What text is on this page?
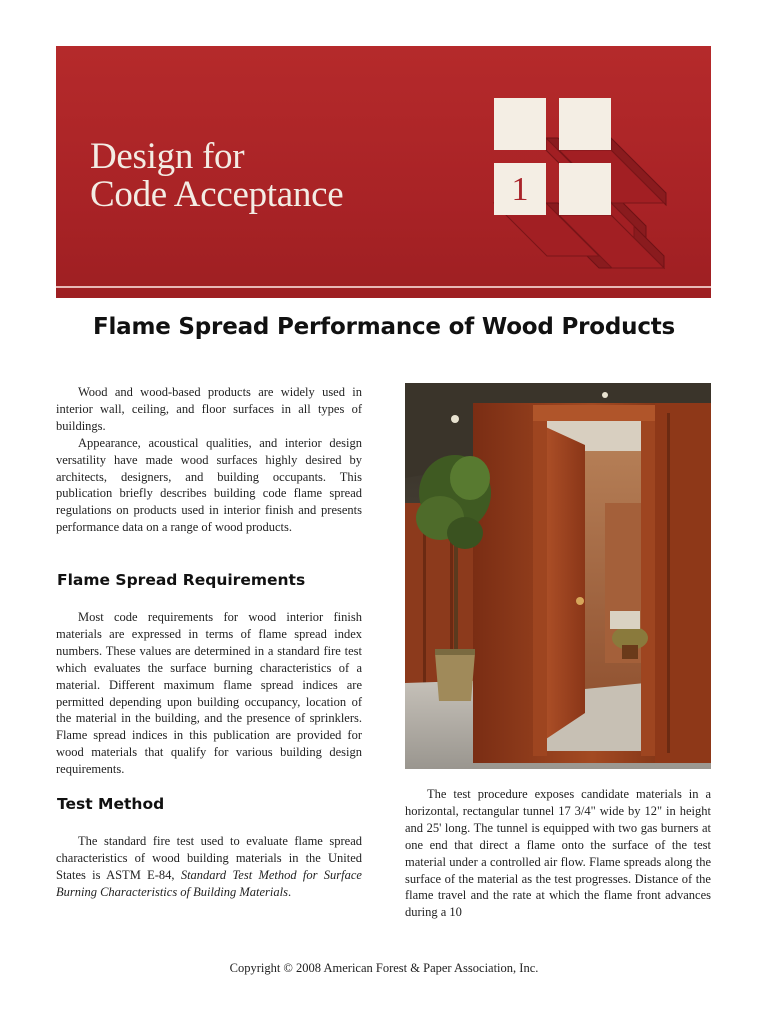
Design for
Code Acceptance	1
Flame Spread Performance of Wood Products

Wood and wood-based products are widely used in interior wall, ceiling, and floor surfaces in all types of buildings.

Appearance, acoustical qualities, and interior design versatility have made wood surfaces highly desired by architects, designers, and building occupants. This publication briefly describes building code flame spread regulations on products used in interior finish and presents performance data on a range of wood products.

Flame Spread Requirements

Most code requirements for wood interior finish materials are expressed in terms of flame spread index numbers. These values are determined in a standard fire test which evaluates the surface burning characteristics of a material. Different maximum flame spread indices are permitted depending upon building occupancy, location of the material in the building, and the presence of sprinklers. Flame spread indices in this publication are provided for wood materials that qualify for various building design requirements.

Test Method

The standard fire test used to evaluate flame spread characteristics of wood building materials in the United States is ASTM E-84, Standard Test Method for Surface Burning Characteristics of Building Materials.

The test procedure exposes candidate materials in a horizontal, rectangular tunnel 17 3/4" wide by 12" in height and 25' long. The tunnel is equipped with two gas burners at one end that direct a flame onto the surface of the test material under a controlled air flow. Flame spreads along the surface of the material as the test progresses. Distance of the flame travel and the rate at which the flame front advances during a 10

Copyright © 2008 American Forest & Paper Association, Inc.
